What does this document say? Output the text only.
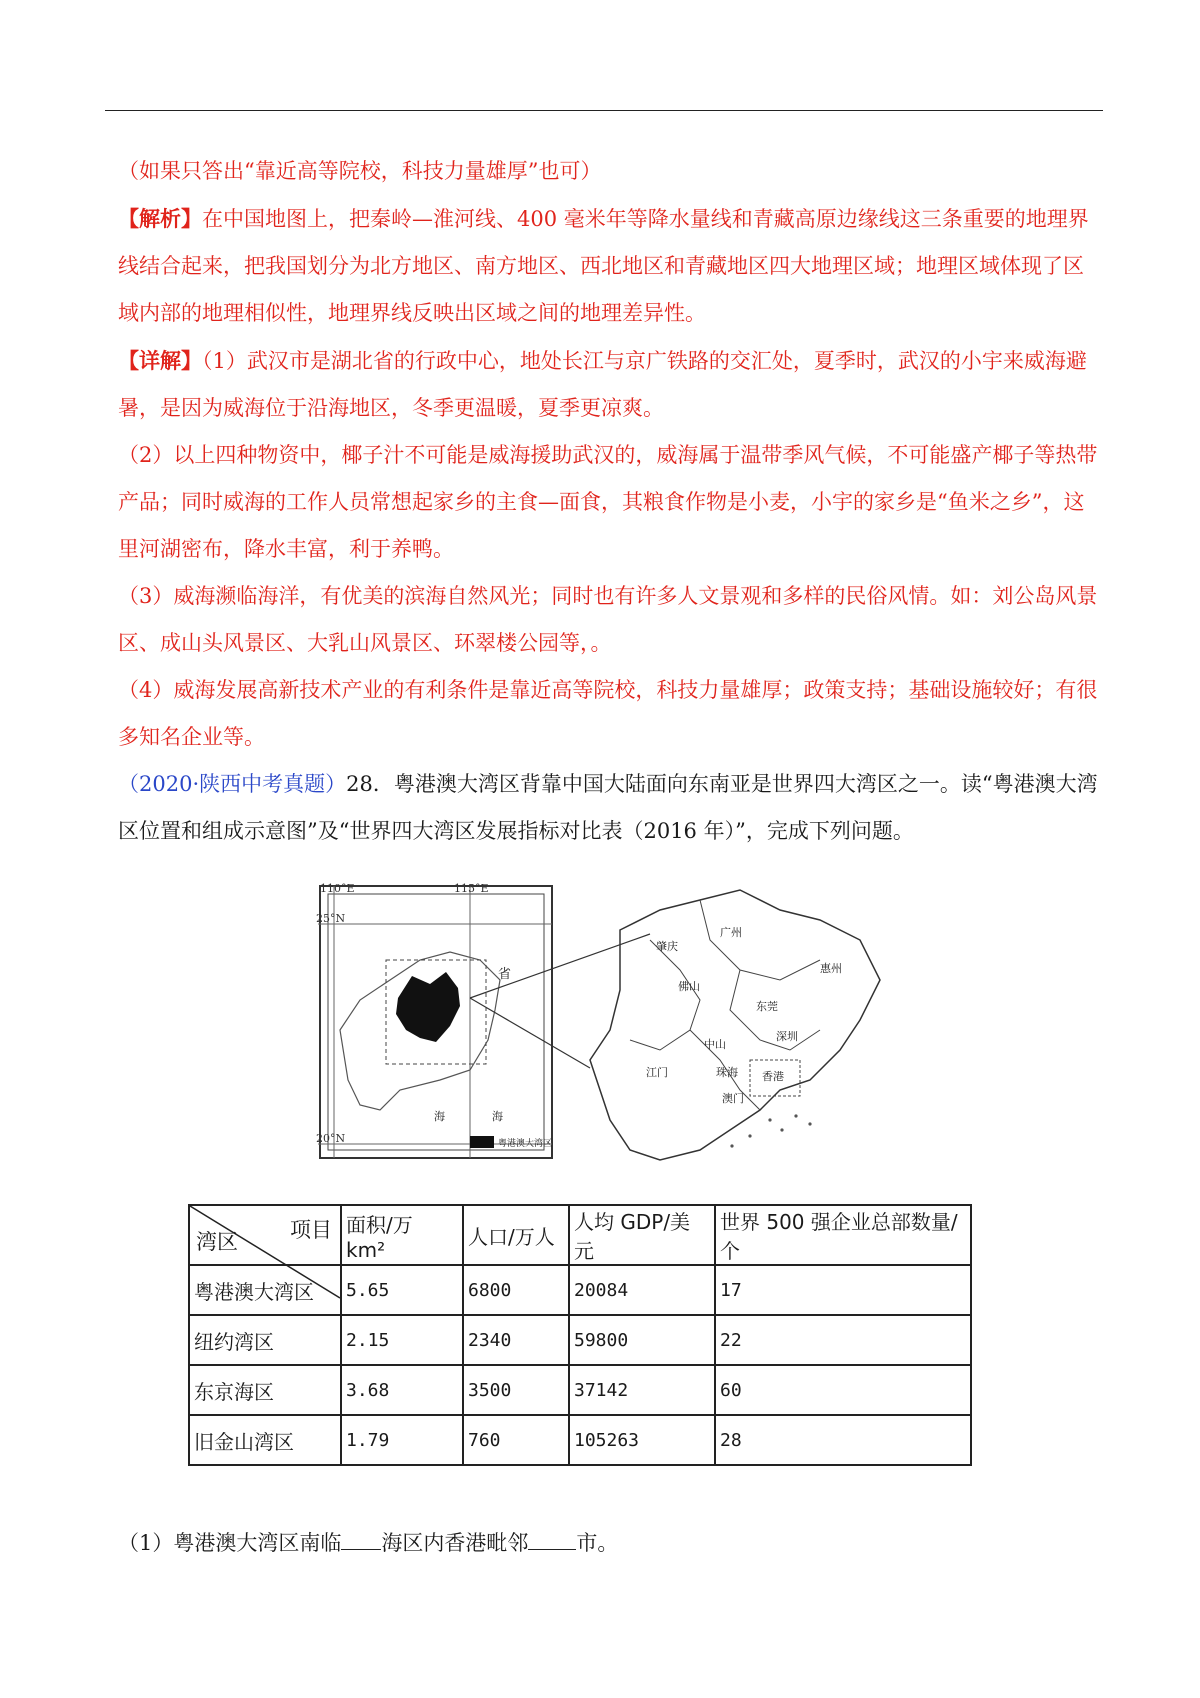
（如果只答出“靠近高等院校，科技力量雄厚”也可）

【解析】在中国地图上，把秦岭—淮河线、400 毫米年等降水量线和青藏高原边缘线这三条重要的地理界线结合起来，把我国划分为北方地区、南方地区、西北地区和青藏地区四大地理区域；地理区域体现了区域内部的地理相似性，地理界线反映出区域之间的地理差异性。

【详解】（1）武汉市是湖北省的行政中心，地处长江与京广铁路的交汇处，夏季时，武汉的小宇来威海避暑，是因为威海位于沿海地区，冬季更温暖，夏季更凉爽。

（2）以上四种物资中，椰子汁不可能是威海援助武汉的，威海属于温带季风气候，不可能盛产椰子等热带产品；同时威海的工作人员常想起家乡的主食—面食，其粮食作物是小麦，小宇的家乡是“鱼米之乡”，这里河湖密布，降水丰富，利于养鸭。

（3）威海濒临海洋，有优美的滨海自然风光；同时也有许多人文景观和多样的民俗风情。如：刘公岛风景区、成山头风景区、大乳山风景区、环翠楼公园等，。

（4）威海发展高新技术产业的有利条件是靠近高等院校，科技力量雄厚；政策支持；基础设施较好；有很多知名企业等。

（2020·陕西中考真题）28．粤港澳大湾区背靠中国大陆面向东南亚是世界四大湾区之一。读“粤港澳大湾区位置和组成示意图”及“世界四大湾区发展指标对比表（2016 年）”，完成下列问题。

110°E	115°E
25°N
20°N
省
海	海
粤港澳大湾区
肇庆
广州
惠州
佛山
东莞
中山
深圳
江门	珠海 香港
澳门
项目
湾区	面积/万 km²	人口/万人	人均 GDP/美元	世界 500 强企业总部数量/个
粤港澳大湾区	5.65	6800	20084	17
纽约湾区	2.15	2340	59800	22
东京海区	3.68	3500	37142	60
旧金山湾区	1.79	760	105263	28
（1）粤港澳大湾区南临 海区内香港毗邻 市。
